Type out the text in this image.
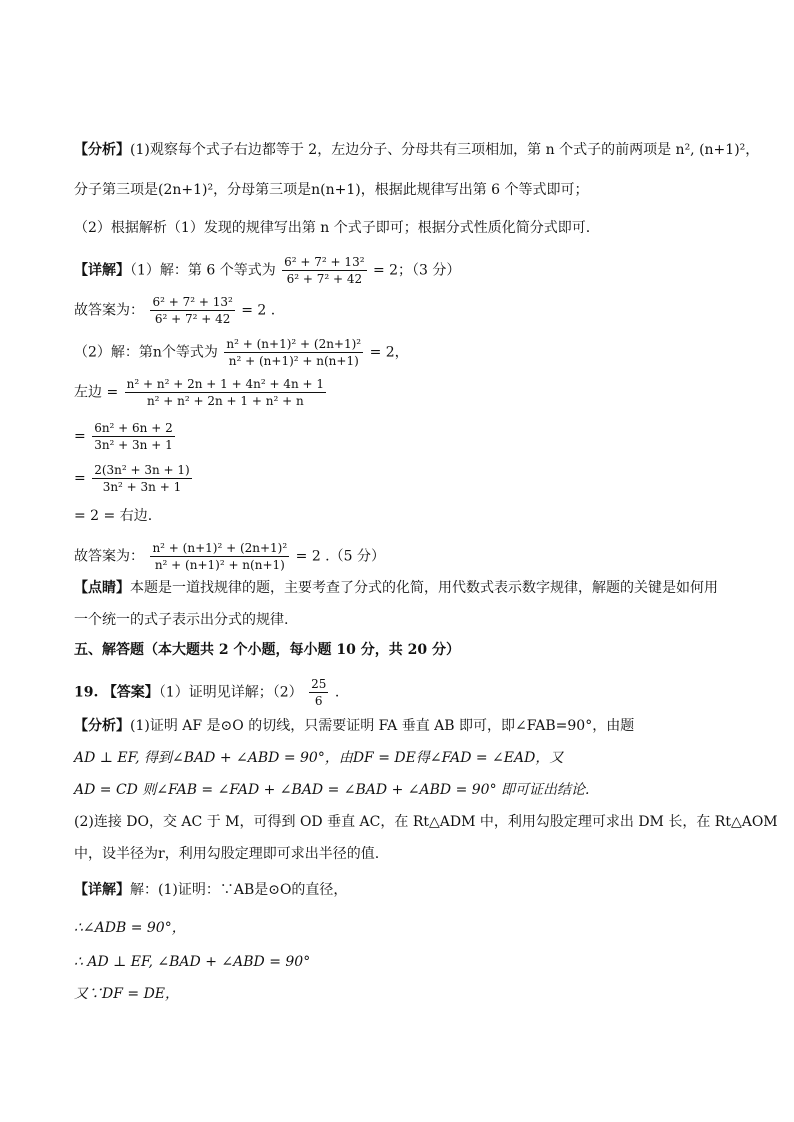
【分析】(1)观察每个式子右边都等于 2，左边分子、分母共有三项相加，第 n 个式子的前两项是 n², (n+1)²，
分子第三项是(2n+1)²，分母第三项是n(n+1)，根据此规律写出第 6 个等式即可；
（2）根据解析（1）发现的规律写出第 n 个式子即可；根据分式性质化简分式即可.
【详解】（1）解：第 6 个等式为 $\frac{\text{6² + 7² + 13²}}{\text{6² + 7² + 42}} = 2$；（3 分）
故答案为： $\frac{\text{6² + 7² + 13²}}{\text{6² + 7² + 42}} = 2$ .
（2）解：第n个等式为 $\frac{\text{n² + (n+1)² + (2n+1)²}}{\text{n² + (n+1)² + n(n+1)}} = 2$，
左边 = $\frac{\text{n² + n² + 2n + 1 + 4n² + 4n + 1}}{\text{n² + n² + 2n + 1 + n² + n}}$
= $\frac{\text{6n² + 6n + 2}}{\text{3n² + 3n + 1}}$
= $\frac{\text{2(3n² + 3n + 1)}}{\text{3n² + 3n + 1}}$
= 2 = 右边.
故答案为： $\frac{\text{n² + (n+1)² + (2n+1)²}}{\text{n² + (n+1)² + n(n+1)}} = 2$ .（5 分）
【点睛】本题是一道找规律的题，主要考查了分式的化简，用代数式表示数字规律，解题的关键是如何用
一个统一的式子表示出分式的规律.
五、解答题（本大题共 2 个小题，每小题 10 分，共 20 分）
19. 【答案】（1）证明见详解；$(2) \frac{25}{6}$ .
【分析】(1)证明 AF 是⊙O 的切线，只需要证明 FA 垂直 AB 即可，即∠FAB=90°，由题
AD ⊥ EF, 得到∠BAD + ∠ABD = 90°，由DF = DE得∠FAD = ∠EAD，又
AD = CD 则∠FAB = ∠FAD + ∠BAD = ∠BAD + ∠ABD = 90° 即可证出结论.
(2)连接 DO，交 AC 于 M，可得到 OD 垂直 AC，在 Rt△ADM 中，利用勾股定理可求出 DM 长，在 Rt△AOM
中，设半径为r，利用勾股定理即可求出半径的值.
【详解】解：(1)证明：∵AB是⊙O的直径，
∴∠ADB = 90°，
∴ AD ⊥ EF, ∠BAD + ∠ABD = 90°
又∵DF = DE，
